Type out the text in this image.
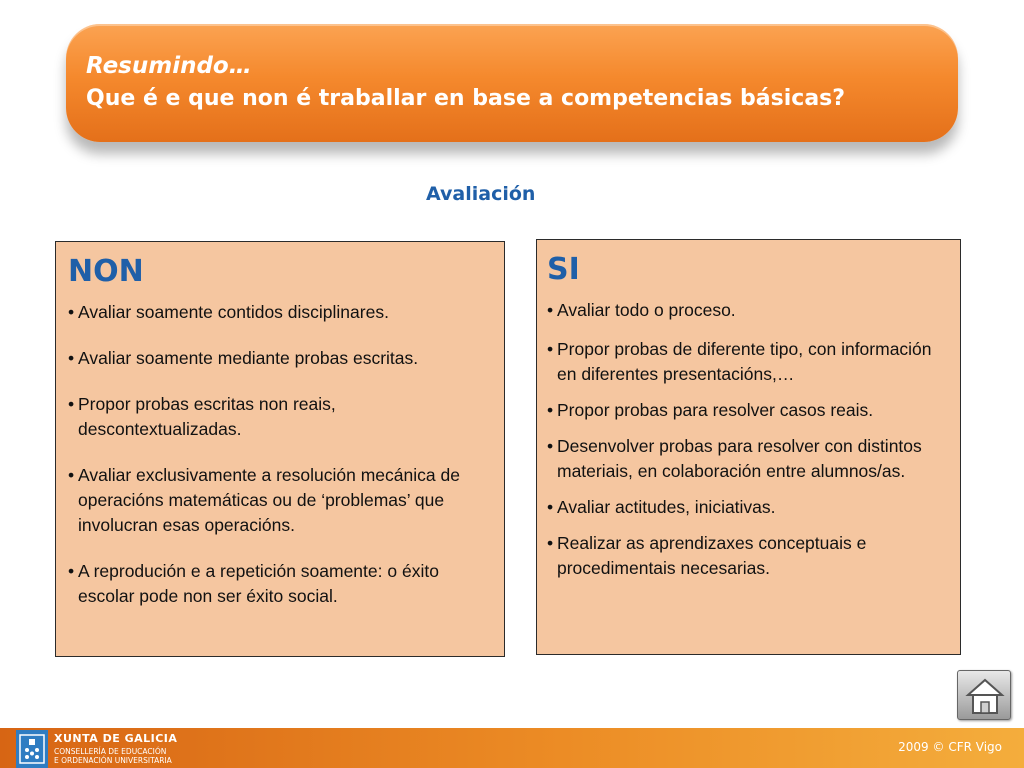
Resumindo…
Que é e que non é traballar en base a competencias básicas?
Avaliación
NON
• Avaliar soamente contidos disciplinares.
• Avaliar soamente mediante probas escritas.
• Propor probas escritas non reais, descontextualizadas.
• Avaliar exclusivamente a resolución mecánica de operacións matemáticas ou de ‘problemas’ que involucran esas operacións.
• A reprodución e a repetición soamente: o éxito escolar pode non ser éxito social.
SI
• Avaliar todo o proceso.
• Propor probas de diferente tipo, con información en diferentes presentacións,…
• Propor probas para resolver casos reais.
• Desenvolver probas para resolver con distintos materiais, en colaboración entre alumnos/as.
• Avaliar actitudes, iniciativas.
• Realizar as aprendizaxes conceptuais e procedimentais necesarias.
XUNTA DE GALICIA
CONSELLERÍA DE EDUCACIÓN
E ORDENACIÓN UNIVERSITARIA
2009 © CFR Vigo
